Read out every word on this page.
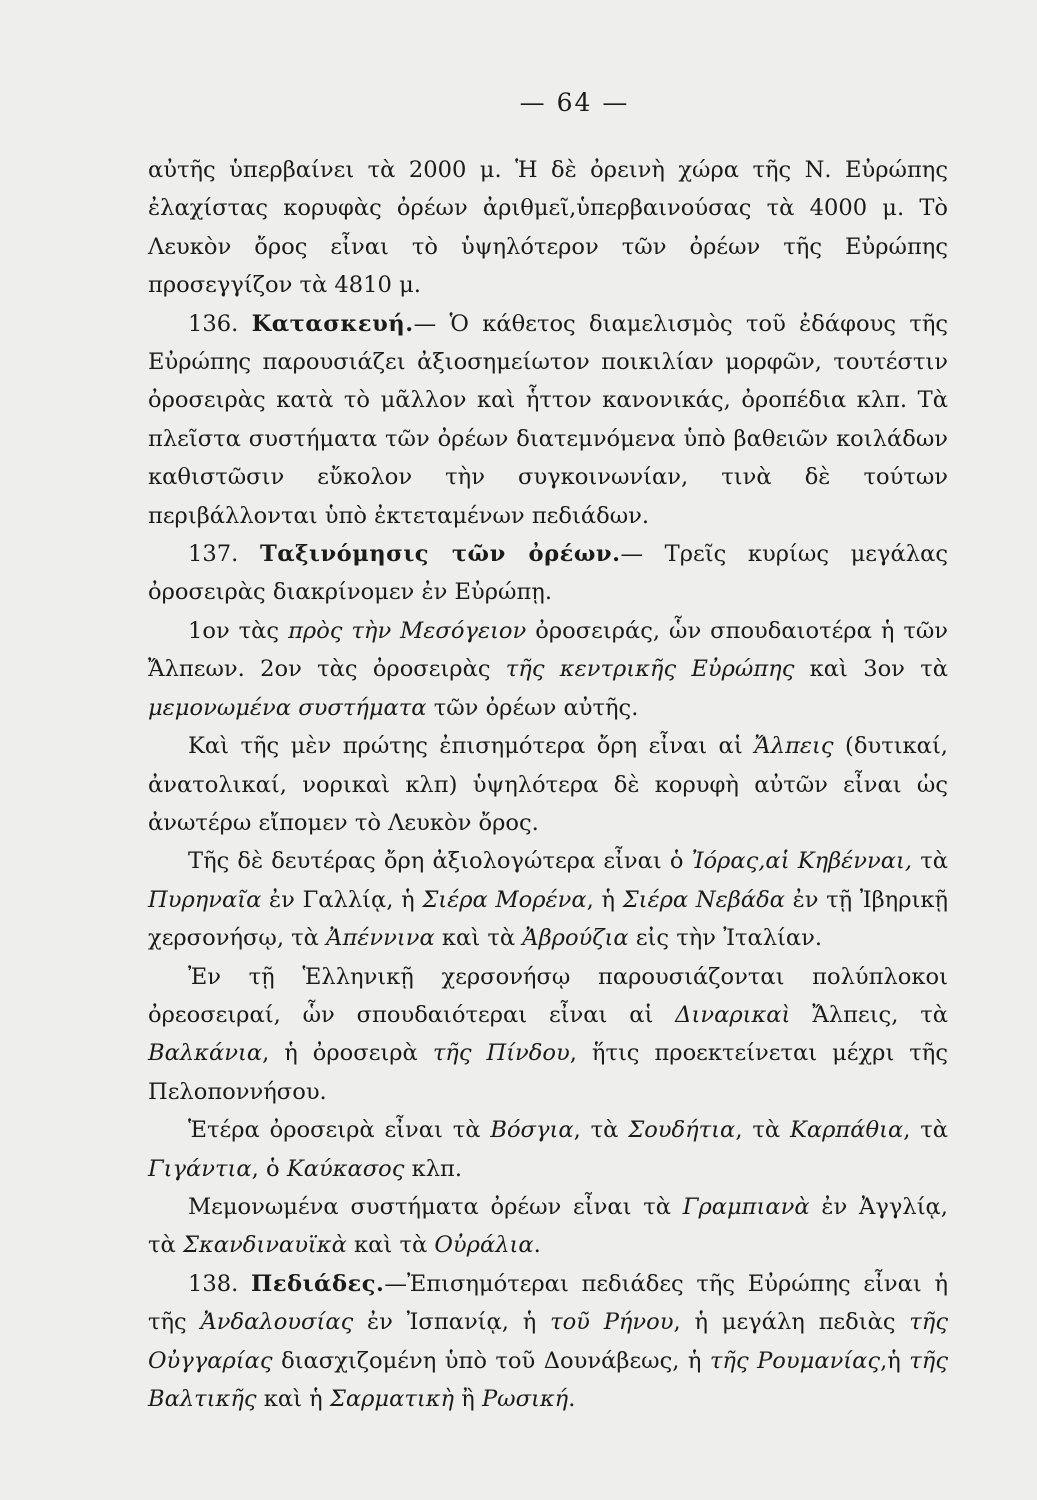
— 64 —

αὐτῆς ὑπερβαίνει τὰ 2000 μ. Ἡ δὲ ὀρεινὴ χώρα τῆς Ν. Εὐρώπης ἐλαχίστας κορυφὰς ὀρέων ἀριθμεῖ,ὑπερβαινούσας τὰ 4000 μ. Τὸ Λευκὸν ὄρος εἶναι τὸ ὑψηλότερον τῶν ὀρέων τῆς Εὐρώπης προσεγγίζον τὰ 4810 μ.

136. Κατασκευή.— Ὁ κάθετος διαμελισμὸς τοῦ ἐδάφους τῆς Εὐρώπης παρουσιάζει ἀξιοσημείωτον ποικιλίαν μορφῶν, τουτέστιν ὀροσειρὰς κατὰ τὸ μᾶλλον καὶ ἧττον κανονικάς, ὀροπέδια κλπ. Τὰ πλεῖστα συστήματα τῶν ὀρέων διατεμνόμενα ὑπὸ βαθειῶν κοιλάδων καθιστῶσιν εὔκολον τὴν συγκοινωνίαν, τινὰ δὲ τούτων περιβάλλονται ὑπὸ ἐκτεταμένων πεδιάδων.

137. Ταξινόμησις τῶν ὀρέων.— Τρεῖς κυρίως μεγάλας ὀροσειρὰς διακρίνομεν ἐν Εὐρώπῃ.

1ον τὰς πρὸς τὴν Μεσόγειον ὀροσειράς, ὧν σπουδαιοτέρα ἡ τῶν Ἄλπεων. 2ον τὰς ὀροσειρὰς τῆς κεντρικῆς Εὐρώπης καὶ 3ον τὰ μεμονωμένα συστήματα τῶν ὀρέων αὐτῆς.

Καὶ τῆς μὲν πρώτης ἐπισημότερα ὄρη εἶναι αἱ Ἄλπεις (δυτικαί, ἀνατολικαί, νορικαὶ κλπ) ὑψηλότερα δὲ κορυφὴ αὐτῶν εἶναι ὡς ἀνωτέρω εἴπομεν τὸ Λευκὸν ὄρος.

Τῆς δὲ δευτέρας ὄρη ἀξιολογώτερα εἶναι ὁ Ἰόρας,αἱ Κηβένναι, τὰ Πυρηναῖα ἐν Γαλλίᾳ, ἡ Σιέρα Μορένα, ἡ Σιέρα Νεβάδα ἐν τῇ Ἰβηρικῇ χερσονήσῳ, τὰ Ἀπέννινα καὶ τὰ Ἀβρούζια εἰς τὴν Ἰταλίαν.

Ἐν τῇ Ἑλληνικῇ χερσονήσῳ παρουσιάζονται πολύπλοκοι ὀρεοσειραί, ὧν σπουδαιότεραι εἶναι αἱ Διναρικαὶ Ἄλπεις, τὰ Βαλκάνια, ἡ ὀροσειρὰ τῆς Πίνδου, ἥτις προεκτείνεται μέχρι τῆς Πελοποννήσου.

Ἑτέρα ὀροσειρὰ εἶναι τὰ Βόσγια, τὰ Σουδήτια, τὰ Καρπάθια, τὰ Γιγάντια, ὁ Καύκασος κλπ.

Μεμονωμένα συστήματα ὀρέων εἶναι τὰ Γραμπιανὰ ἐν Ἀγγλίᾳ, τὰ Σκανδιναυϊκὰ καὶ τὰ Οὐράλια.

138. Πεδιάδες.—Ἐπισημότεραι πεδιάδες τῆς Εὐρώπης εἶναι ἡ τῆς Ἀνδαλουσίας ἐν Ἰσπανίᾳ, ἡ τοῦ Ρήνου, ἡ μεγάλη πεδιὰς τῆς Οὐγγαρίας διασχιζομένη ὑπὸ τοῦ Δουνάβεως, ἡ τῆς Ρουμανίας,ἡ τῆς Βαλτικῆς καὶ ἡ Σαρματικὴ ἢ Ρωσική.
